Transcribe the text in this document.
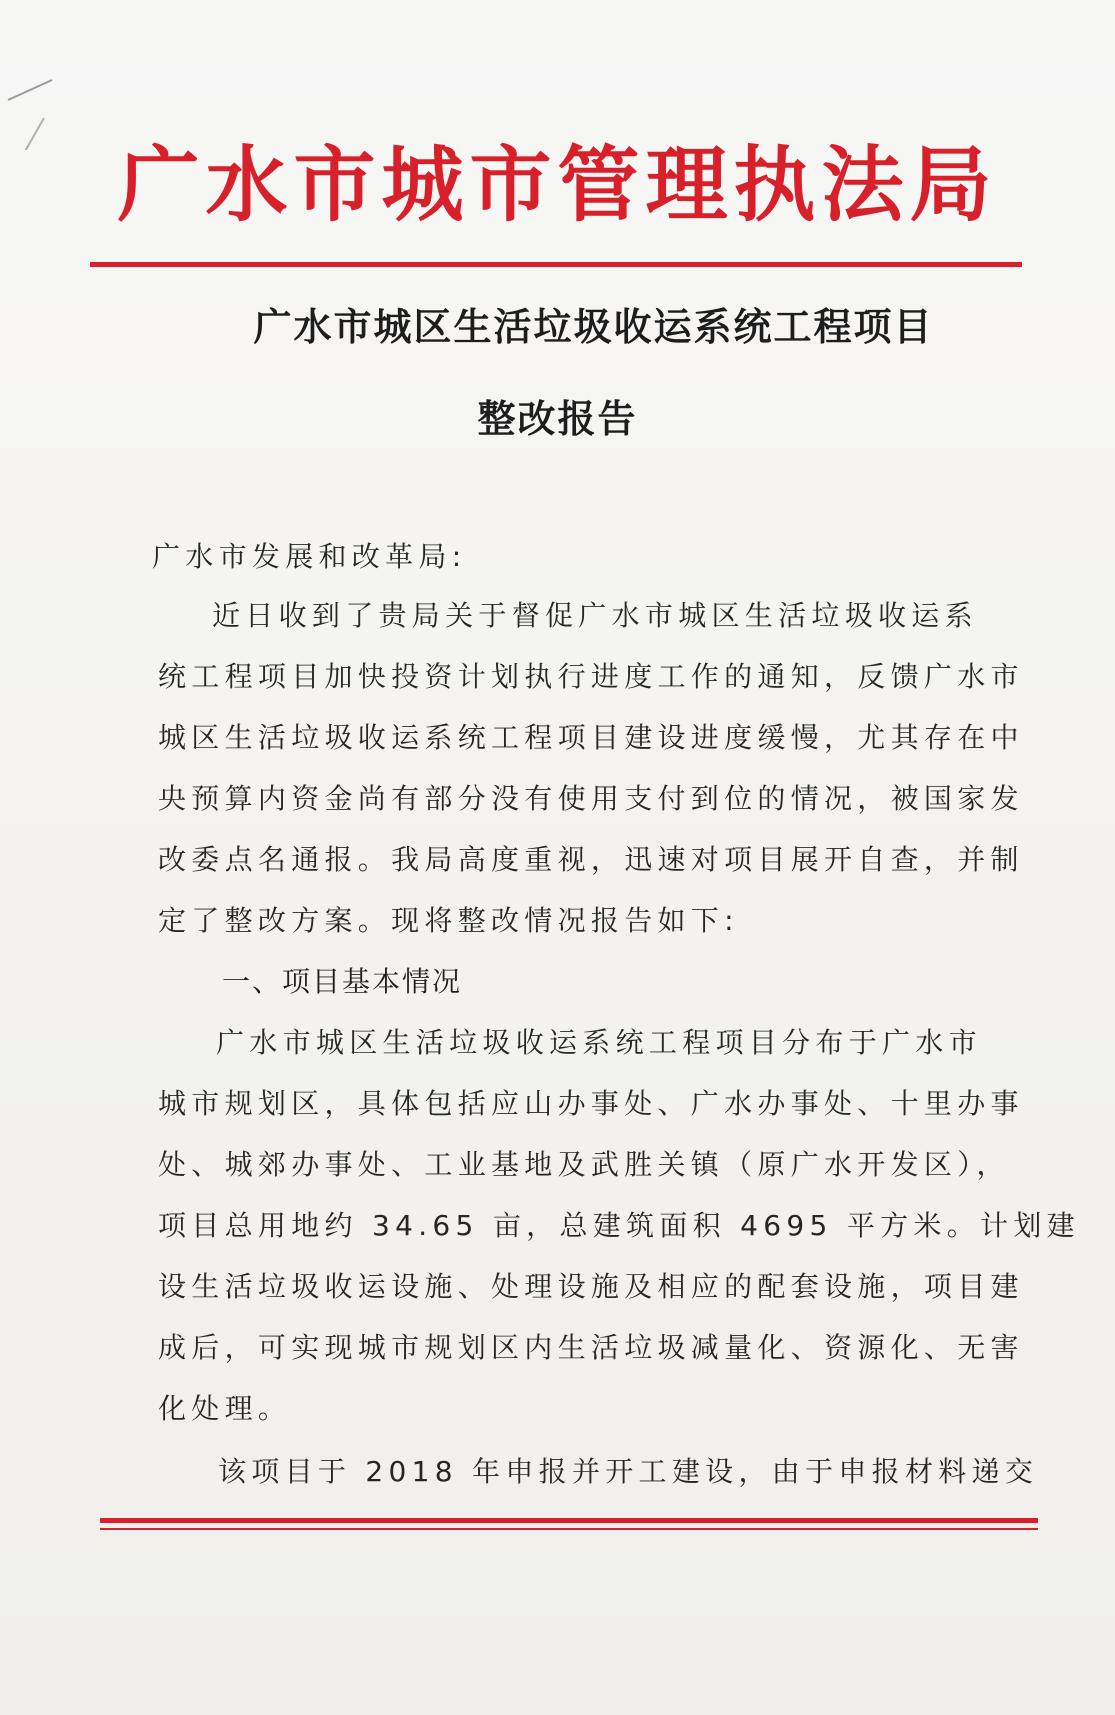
广水市城市管理执法局
广水市城区生活垃圾收运系统工程项目
整改报告
广水市发展和改革局:
近日收到了贵局关于督促广水市城区生活垃圾收运系
统工程项目加快投资计划执行进度工作的通知，反馈广水市
城区生活垃圾收运系统工程项目建设进度缓慢，尤其存在中
央预算内资金尚有部分没有使用支付到位的情况，被国家发
改委点名通报。我局高度重视，迅速对项目展开自查，并制
定了整改方案。现将整改情况报告如下:
一、项目基本情况
广水市城区生活垃圾收运系统工程项目分布于广水市
城市规划区，具体包括应山办事处、广水办事处、十里办事
处、城郊办事处、工业基地及武胜关镇（原广水开发区），
项目总用地约 34.65 亩，总建筑面积 4695 平方米。计划建
设生活垃圾收运设施、处理设施及相应的配套设施，项目建
成后，可实现城市规划区内生活垃圾减量化、资源化、无害
化处理。
该项目于 2018 年申报并开工建设，由于申报材料递交
